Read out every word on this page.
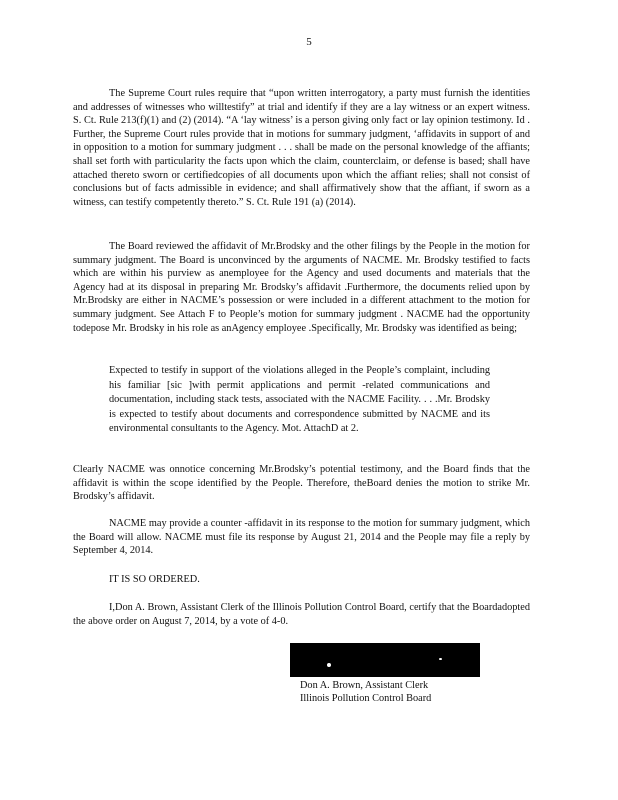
5

The Supreme Court rules require that “upon written interrogatory, a party must furnish the identities and addresses of witnesses who willtestify” at trial and identify if they are a lay witness or an expert witness. S. Ct. Rule 213(f)(1) and (2) (2014). “A ‘lay witness’ is a person giving only fact or lay opinion testimony. Id . Further, the Supreme Court rules provide that in motions for summary judgment, ‘affidavits in support of and in opposition to a motion for summary judgment . . . shall be made on the personal knowledge of the affiants; shall set forth with particularity the facts upon which the claim, counterclaim, or defense is based; shall have attached thereto sworn or certifiedcopies of all documents upon which the affiant relies; shall not consist of conclusions but of facts admissible in evidence; and shall affirmatively show that the affiant, if sworn as a witness, can testify competently thereto.” S. Ct. Rule 191 (a) (2014).

The Board reviewed the affidavit of Mr.Brodsky and the other filings by the People in the motion for summary judgment. The Board is unconvinced by the arguments of NACME. Mr. Brodsky testified to facts which are within his purview as anemployee for the Agency and used documents and materials that the Agency had at its disposal in preparing Mr. Brodsky’s affidavit .Furthermore, the documents relied upon by Mr.Brodsky are either in NACME’s possession or were included in a different attachment to the motion for summary judgment. See Attach F to People’s motion for summary judgment . NACME had the opportunity todepose Mr. Brodsky in his role as anAgency employee .Specifically, Mr. Brodsky was identified as being;

Expected to testify in support of the violations alleged in the People’s complaint, including his familiar [sic ]with permit applications and permit -related communications and documentation, including stack tests, associated with the NACME Facility. . . .Mr. Brodsky is expected to testify about documents and correspondence submitted by NACME and its environmental consultants to the Agency. Mot. AttachD at 2.

Clearly NACME was onnotice concerning Mr.Brodsky’s potential testimony, and the Board finds that the affidavit is within the scope identified by the People. Therefore, theBoard denies the motion to strike Mr. Brodsky’s affidavit.

NACME may provide a counter -affidavit in its response to the motion for summary judgment, which the Board will allow. NACME must file its response by August 21, 2014 and the People may file a reply by September 4, 2014.

IT IS SO ORDERED.

I,Don A. Brown, Assistant Clerk of the Illinois Pollution Control Board, certify that the Boardadopted the above order on August 7, 2014, by a vote of 4-0.

Don A. Brown, Assistant Clerk
Illinois Pollution Control Board
